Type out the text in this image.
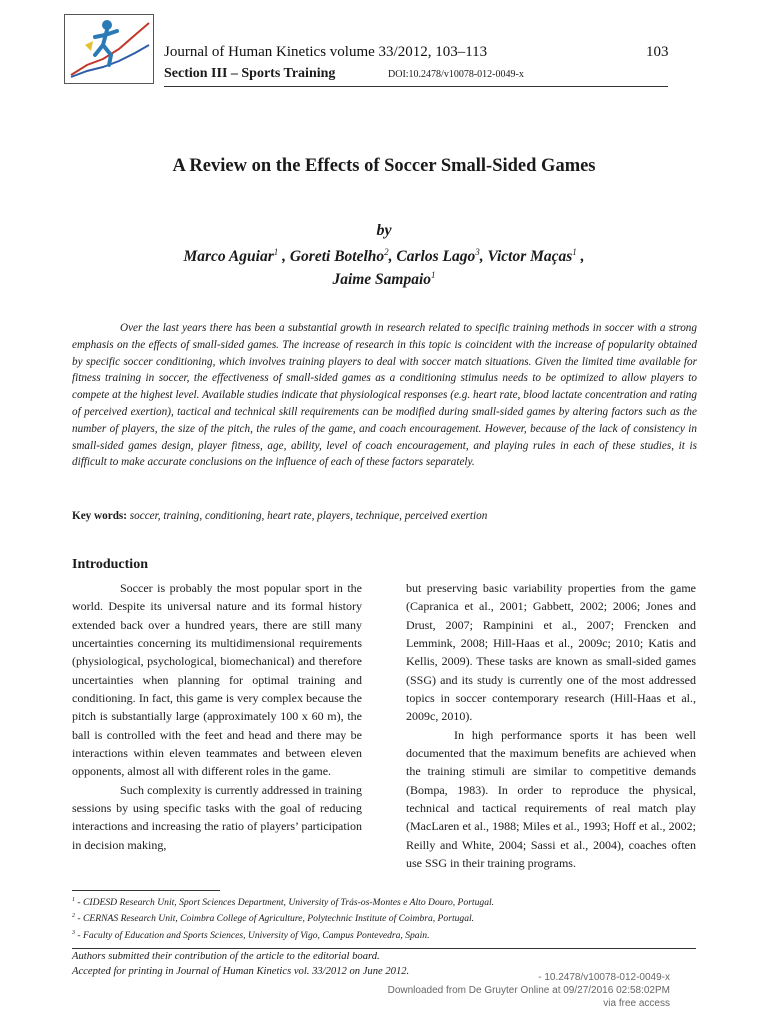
Journal of Human Kinetics volume 33/2012, 103–113	103
Section III – Sports Training	DOI:10.2478/v10078-012-0049-x
A Review on the Effects of Soccer Small-Sided Games
by
Marco Aguiar$^1$ , Goreti Botelho$^2$, Carlos Lago$^3$, Victor Maças$^1$ ,
Jaime Sampaio$^1$

Over the last years there has been a substantial growth in research related to specific training methods in soccer with a strong emphasis on the effects of small-sided games. The increase of research in this topic is coincident with the increase of popularity obtained by specific soccer conditioning, which involves training players to deal with soccer match situations. Given the limited time available for fitness training in soccer, the effectiveness of small-sided games as a conditioning stimulus needs to be optimized to allow players to compete at the highest level. Available studies indicate that physiological responses (e.g. heart rate, blood lactate concentration and rating of perceived exertion), tactical and technical skill requirements can be modified during small-sided games by altering factors such as the number of players, the size of the pitch, the rules of the game, and coach encouragement. However, because of the lack of consistency in small-sided games design, player fitness, age, ability, level of coach encouragement, and playing rules in each of these studies, it is difficult to make accurate conclusions on the influence of each of these factors separately.

Key words: soccer, training, conditioning, heart rate, players, technique, perceived exertion
Introduction

Soccer is probably the most popular sport in the world. Despite its universal nature and its formal history extended back over a hundred years, there are still many uncertainties concerning its multidimensional requirements (physiological, psychological, biomechanical) and therefore uncertainties when planning for optimal training and conditioning. In fact, this game is very complex because the pitch is substantially large (approximately 100 x 60 m), the ball is controlled with the feet and head and there may be interactions within eleven teammates and between eleven opponents, almost all with different roles in the game.

Such complexity is currently addressed in training sessions by using specific tasks with the goal of reducing interactions and increasing the ratio of players’ participation in decision making,

but preserving basic variability properties from the game (Capranica et al., 2001; Gabbett, 2002; 2006; Jones and Drust, 2007; Rampinini et al., 2007; Frencken and Lemmink, 2008; Hill-Haas et al., 2009c; 2010; Katis and Kellis, 2009). These tasks are known as small-sided games (SSG) and its study is currently one of the most addressed topics in soccer contemporary research (Hill-Haas et al., 2009c, 2010).

In high performance sports it has been well documented that the maximum benefits are achieved when the training stimuli are similar to competitive demands (Bompa, 1983). In order to reproduce the physical, technical and tactical requirements of real match play (MacLaren et al., 1988; Miles et al., 1993; Hoff et al., 2002; Reilly and White, 2004; Sassi et al., 2004), coaches often use SSG in their training programs.

$^1$ - CIDESD Research Unit, Sport Sciences Department, University of Trás-os-Montes e Alto Douro, Portugal.
$^2$ - CERNAS Research Unit, Coimbra College of Agriculture, Polytechnic Institute of Coimbra, Portugal.
$^3$ - Faculty of Education and Sports Sciences, University of Vigo, Campus Pontevedra, Spain.
Authors submitted their contribution of the article to the editorial board.
Accepted for printing in Journal of Human Kinetics vol. 33/2012 on June 2012.
- 10.2478/v10078-012-0049-x
Downloaded from De Gruyter Online at 09/27/2016 02:58:02PM
via free access
